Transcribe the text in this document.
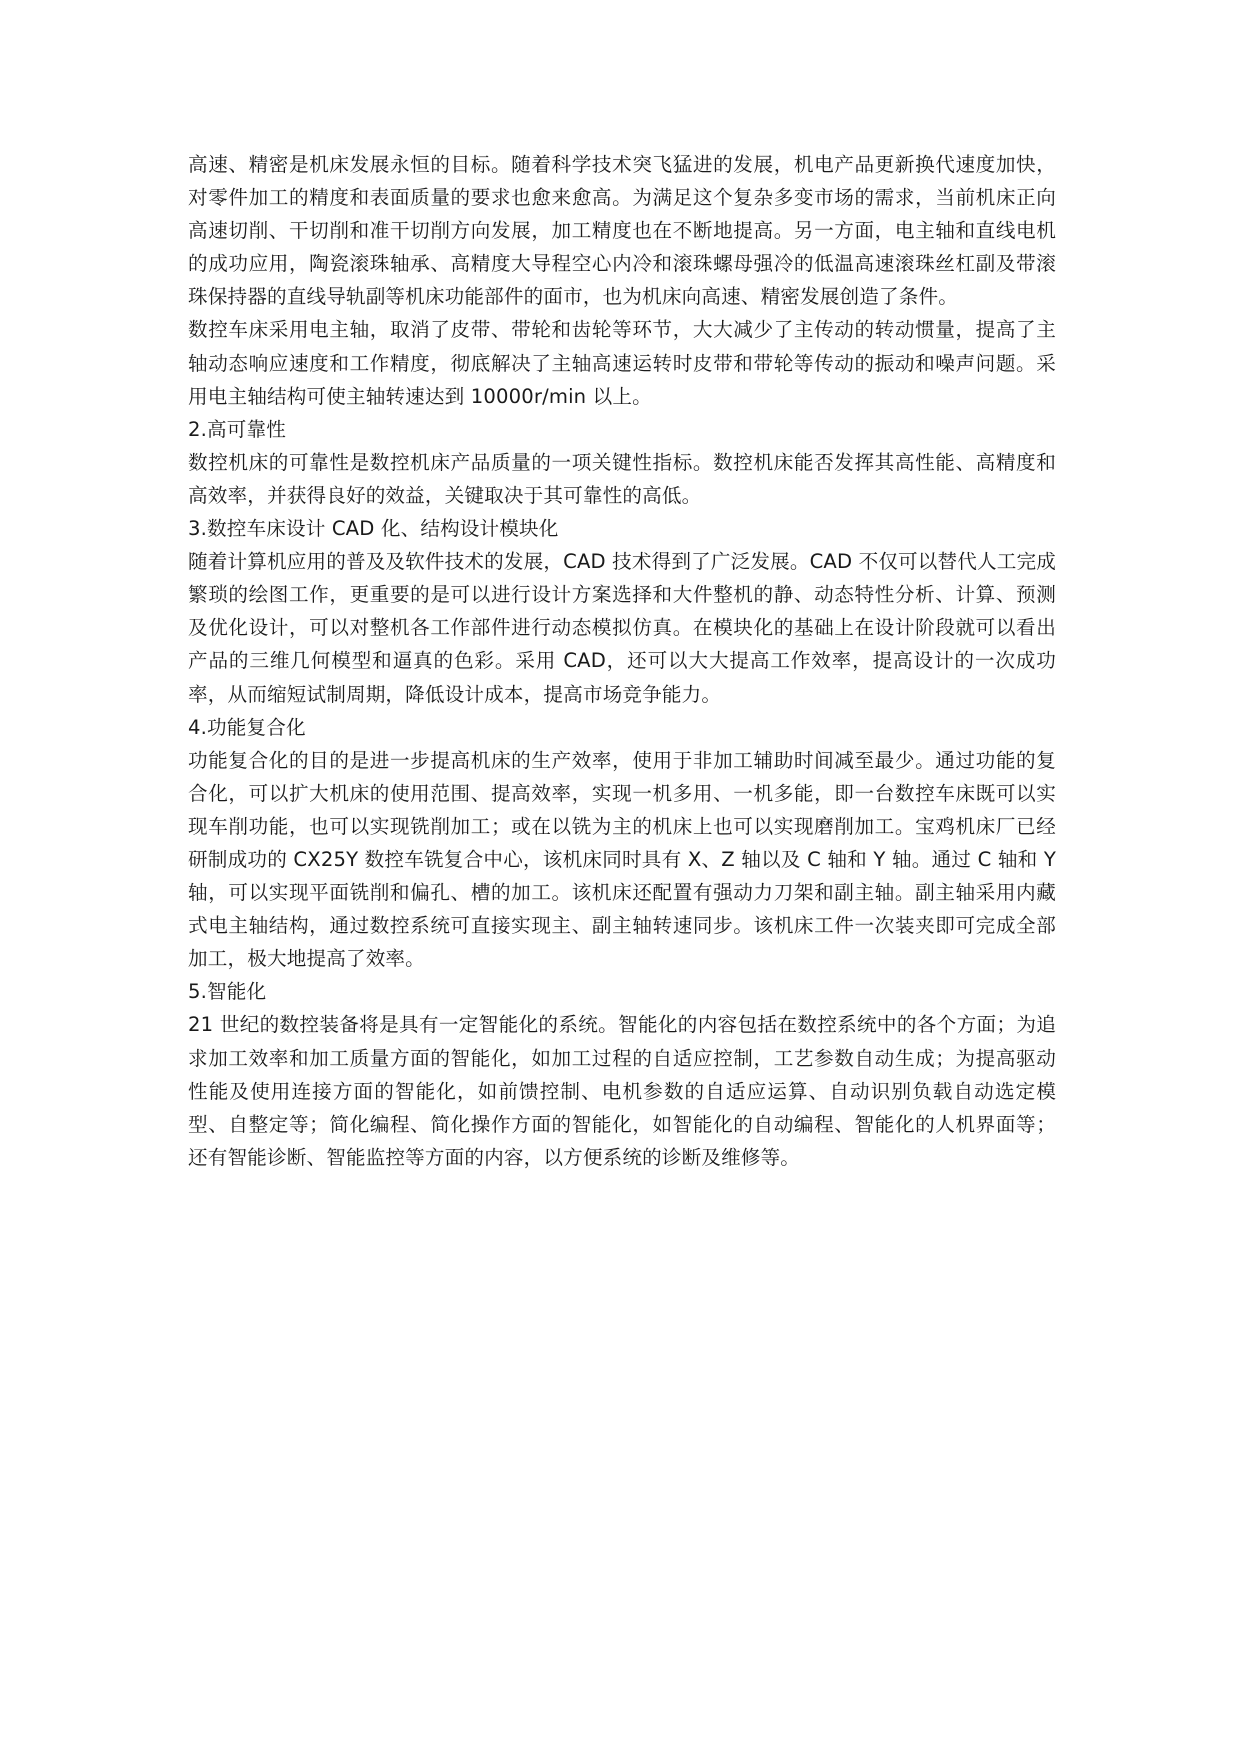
高速、精密是机床发展永恒的目标。随着科学技术突飞猛进的发展，机电产品更新换代速度加快，对零件加工的精度和表面质量的要求也愈来愈高。为满足这个复杂多变市场的需求，当前机床正向高速切削、干切削和准干切削方向发展，加工精度也在不断地提高。另一方面，电主轴和直线电机的成功应用，陶瓷滚珠轴承、高精度大导程空心内冷和滚珠螺母强冷的低温高速滚珠丝杠副及带滚珠保持器的直线导轨副等机床功能部件的面市，也为机床向高速、精密发展创造了条件。

数控车床采用电主轴，取消了皮带、带轮和齿轮等环节，大大减少了主传动的转动惯量，提高了主轴动态响应速度和工作精度，彻底解决了主轴高速运转时皮带和带轮等传动的振动和噪声问题。采用电主轴结构可使主轴转速达到 10000r/min 以上。

2.高可靠性

数控机床的可靠性是数控机床产品质量的一项关键性指标。数控机床能否发挥其高性能、高精度和高效率，并获得良好的效益，关键取决于其可靠性的高低。

3.数控车床设计 CAD 化、结构设计模块化

随着计算机应用的普及及软件技术的发展，CAD 技术得到了广泛发展。CAD 不仅可以替代人工完成繁琐的绘图工作，更重要的是可以进行设计方案选择和大件整机的静、动态特性分析、计算、预测及优化设计，可以对整机各工作部件进行动态模拟仿真。在模块化的基础上在设计阶段就可以看出产品的三维几何模型和逼真的色彩。采用 CAD，还可以大大提高工作效率，提高设计的一次成功率，从而缩短试制周期，降低设计成本，提高市场竞争能力。

4.功能复合化

功能复合化的目的是进一步提高机床的生产效率，使用于非加工辅助时间减至最少。通过功能的复合化，可以扩大机床的使用范围、提高效率，实现一机多用、一机多能，即一台数控车床既可以实现车削功能，也可以实现铣削加工；或在以铣为主的机床上也可以实现磨削加工。宝鸡机床厂已经研制成功的 CX25Y 数控车铣复合中心，该机床同时具有 X、Z 轴以及 C 轴和 Y 轴。通过 C 轴和 Y 轴，可以实现平面铣削和偏孔、槽的加工。该机床还配置有强动力刀架和副主轴。副主轴采用内藏式电主轴结构，通过数控系统可直接实现主、副主轴转速同步。该机床工件一次装夹即可完成全部加工，极大地提高了效率。

5.智能化

21 世纪的数控装备将是具有一定智能化的系统。智能化的内容包括在数控系统中的各个方面；为追求加工效率和加工质量方面的智能化，如加工过程的自适应控制，工艺参数自动生成；为提高驱动性能及使用连接方面的智能化，如前馈控制、电机参数的自适应运算、自动识别负载自动选定模型、自整定等；简化编程、简化操作方面的智能化，如智能化的自动编程、智能化的人机界面等；还有智能诊断、智能监控等方面的内容，以方便系统的诊断及维修等。
